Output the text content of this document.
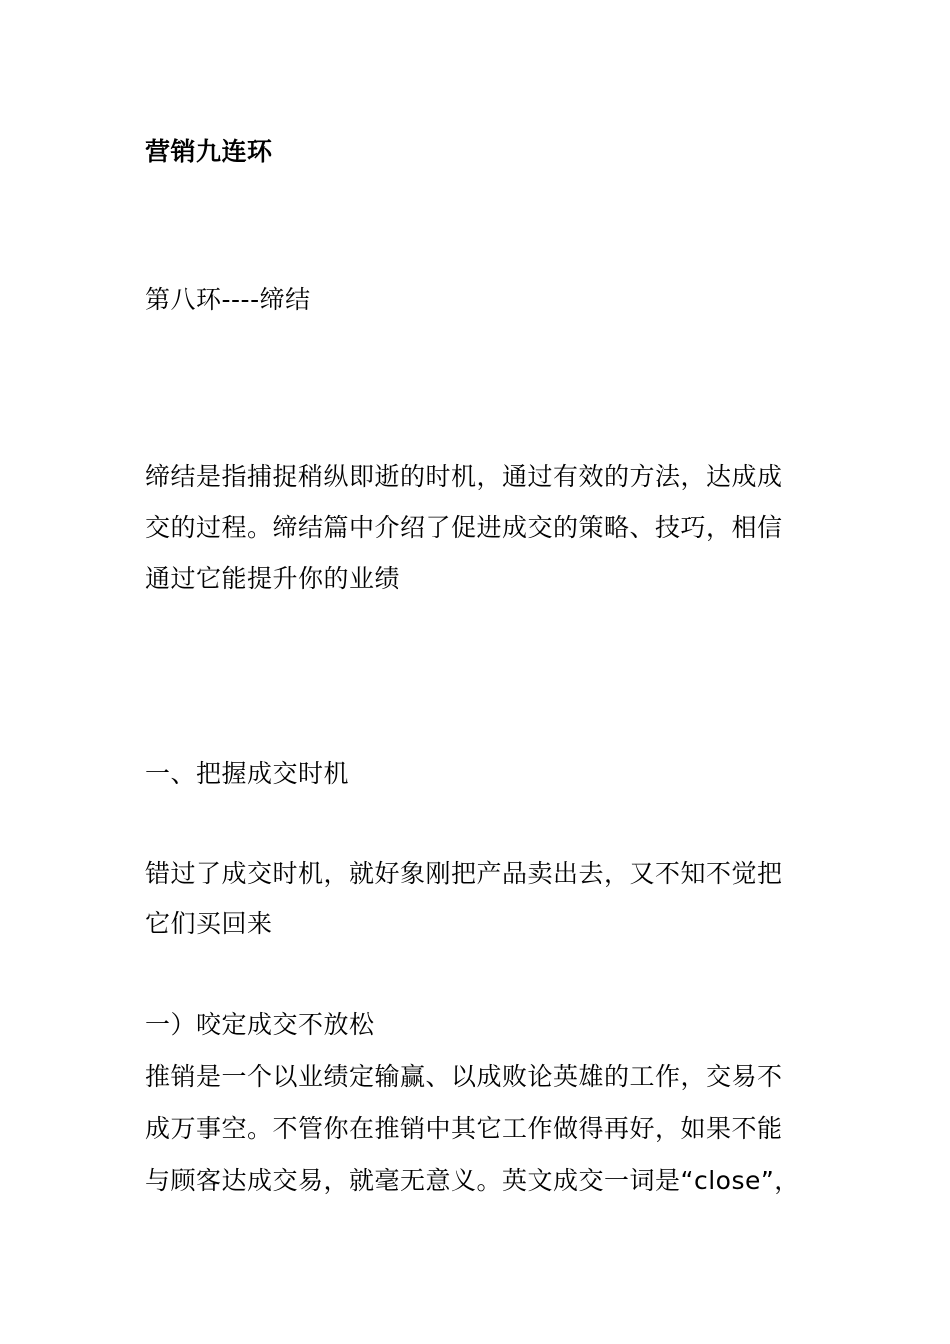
营销九连环
第八环----缔结

缔结是指捕捉稍纵即逝的时机，通过有效的方法，达成成

交的过程。缔结篇中介绍了促进成交的策略、技巧，相信

通过它能提升你的业绩

一、把握成交时机

错过了成交时机，就好象刚把产品卖出去，又不知不觉把

它们买回来

一）咬定成交不放松

推销是一个以业绩定输赢、以成败论英雄的工作，交易不

成万事空。不管你在推销中其它工作做得再好，如果不能

与顾客达成交易，就毫无意义。英文成交一词是“close”，
